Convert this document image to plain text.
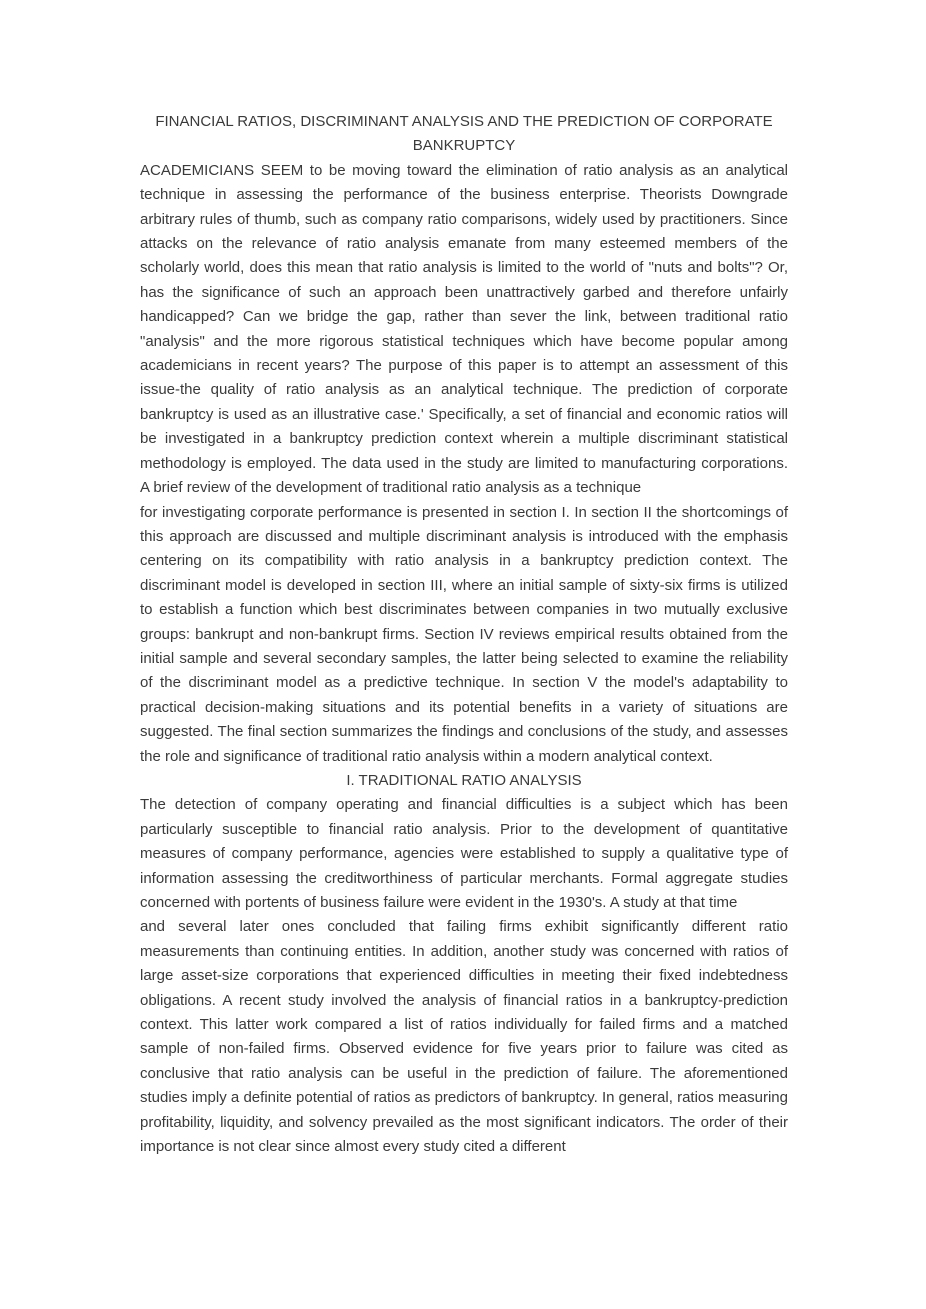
FINANCIAL RATIOS, DISCRIMINANT ANALYSIS AND THE PREDICTION OF CORPORATE BANKRUPTCY

ACADEMICIANS SEEM to be moving toward the elimination of ratio analysis as an analytical technique in assessing the performance of the business enterprise. Theorists Downgrade arbitrary rules of thumb, such as company ratio comparisons, widely used by practitioners. Since attacks on the relevance of ratio analysis emanate from many esteemed members of the scholarly world, does this mean that ratio analysis is limited to the world of "nuts and bolts"? Or, has the significance of such an approach been unattractively garbed and therefore unfairly handicapped? Can we bridge the gap, rather than sever the link, between traditional ratio "analysis" and the more rigorous statistical techniques which have become popular among academicians in recent years? The purpose of this paper is to attempt an assessment of this issue-the quality of ratio analysis as an analytical technique. The prediction of corporate bankruptcy is used as an illustrative case.' Specifically, a set of financial and economic ratios will be investigated in a bankruptcy prediction context wherein a multiple discriminant statistical methodology is employed. The data used in the study are limited to manufacturing corporations. A brief review of the development of traditional ratio analysis as a technique

for investigating corporate performance is presented in section I. In section II the shortcomings of this approach are discussed and multiple discriminant analysis is introduced with the emphasis centering on its compatibility with ratio analysis in a bankruptcy prediction context. The discriminant model is developed in section III, where an initial sample of sixty-six firms is utilized to establish a function which best discriminates between companies in two mutually exclusive groups: bankrupt and non-bankrupt firms. Section IV reviews empirical results obtained from the initial sample and several secondary samples, the latter being selected to examine the reliability of the discriminant model as a predictive technique. In section V the model's adaptability to practical decision-making situations and its potential benefits in a variety of situations are suggested. The final section summarizes the findings and conclusions of the study, and assesses the role and significance of traditional ratio analysis within a modern analytical context.

I. TRADITIONAL RATIO ANALYSIS

The detection of company operating and financial difficulties is a subject which has been particularly susceptible to financial ratio analysis. Prior to the development of quantitative measures of company performance, agencies were established to supply a qualitative type of information assessing the creditworthiness of particular merchants. Formal aggregate studies concerned with portents of business failure were evident in the 1930's. A study at that time

and several later ones concluded that failing firms exhibit significantly different ratio measurements than continuing entities. In addition, another study was concerned with ratios of large asset-size corporations that experienced difficulties in meeting their fixed indebtedness obligations. A recent study involved the analysis of financial ratios in a bankruptcy-prediction context. This latter work compared a list of ratios individually for failed firms and a matched sample of non-failed firms. Observed evidence for five years prior to failure was cited as conclusive that ratio analysis can be useful in the prediction of failure. The aforementioned studies imply a definite potential of ratios as predictors of bankruptcy. In general, ratios measuring profitability, liquidity, and solvency prevailed as the most significant indicators. The order of their importance is not clear since almost every study cited a different
